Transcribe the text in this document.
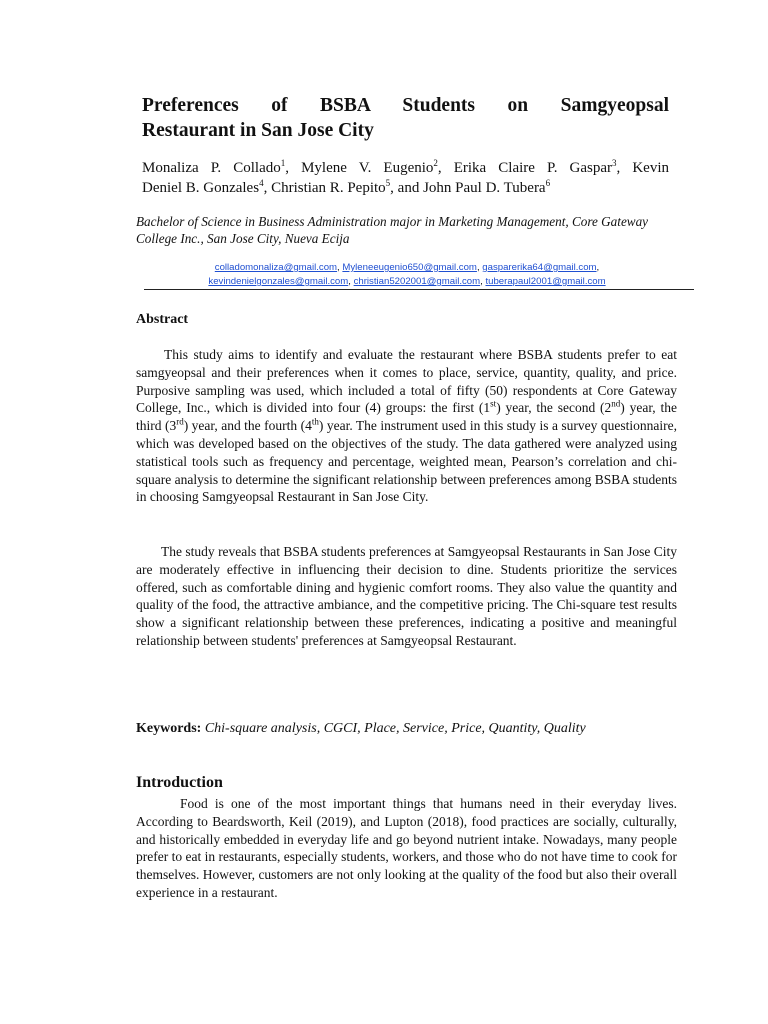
Preferences of BSBA Students on Samgyeopsal
Restaurant in San Jose City
Monaliza P. Collado$^1$, Mylene V. Eugenio$^2$, Erika Claire P. Gaspar$^3$, Kevin
Deniel B. Gonzales$^4$, Christian R. Pepito$^5$, and John Paul D. Tubera$^6$
Bachelor of Science in Business Administration major in Marketing Management, Core Gateway College Inc., San Jose City, Nueva Ecija
colladomonaliza@gmail.com, Myleneeugenio650@gmail.com, gasparerika64@gmail.com,
kevindenielgonzales@gmail.com, christian5202001@gmail.com, tuberapaul2001@gmail.com
Abstract
This study aims to identify and evaluate the restaurant where BSBA students prefer to eat samgyeopsal and their preferences when it comes to place, service, quantity, quality, and price. Purposive sampling was used, which included a total of fifty (50) respondents at Core Gateway College, Inc., which is divided into four (4) groups: the first (1st) year, the second (2nd) year, the third (3rd) year, and the fourth (4th) year. The instrument used in this study is a survey questionnaire, which was developed based on the objectives of the study. The data gathered were analyzed using statistical tools such as frequency and percentage, weighted mean, Pearson’s correlation and chi-square analysis to determine the significant relationship between preferences among BSBA students in choosing Samgyeopsal Restaurant in San Jose City.
The study reveals that BSBA students preferences at Samgyeopsal Restaurants in San Jose City are moderately effective in influencing their decision to dine. Students prioritize the services offered, such as comfortable dining and hygienic comfort rooms. They also value the quantity and quality of the food, the attractive ambiance, and the competitive pricing. The Chi-square test results show a significant relationship between these preferences, indicating a positive and meaningful relationship between students' preferences at Samgyeopsal Restaurant.
Keywords: Chi-square analysis, CGCI, Place, Service, Price, Quantity, Quality
Introduction
Food is one of the most important things that humans need in their everyday lives. According to Beardsworth, Keil (2019), and Lupton (2018), food practices are socially, culturally, and historically embedded in everyday life and go beyond nutrient intake. Nowadays, many people prefer to eat in restaurants, especially students, workers, and those who do not have time to cook for themselves. However, customers are not only looking at the quality of the food but also their overall experience in a restaurant.
